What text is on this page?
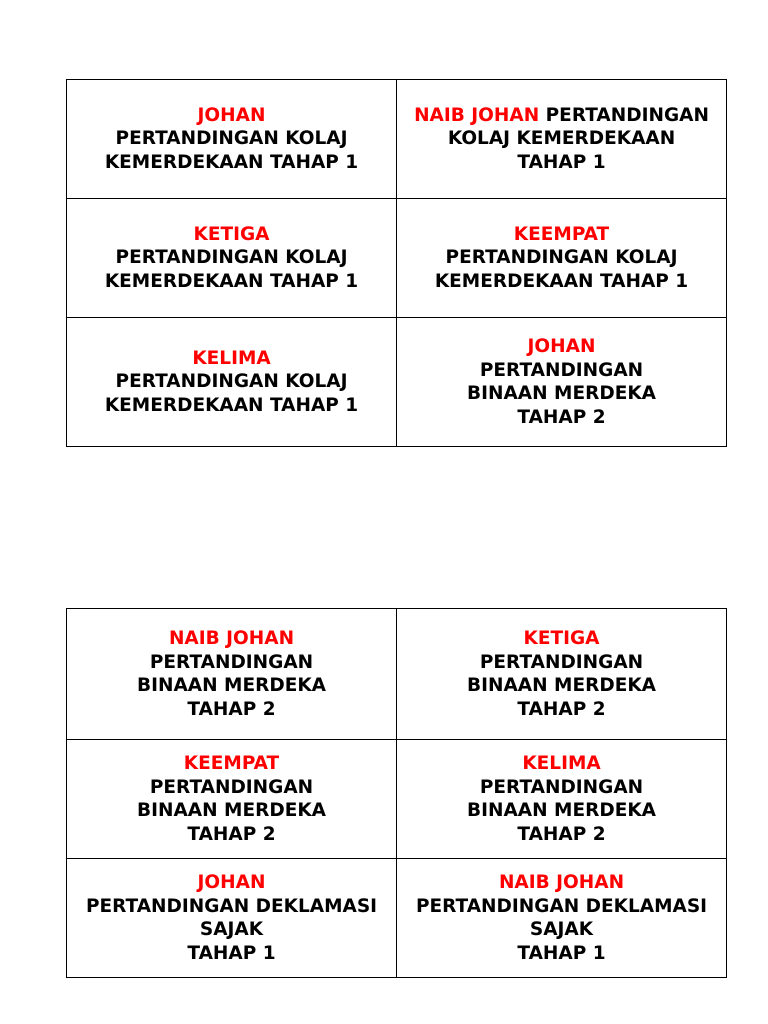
JOHAN
PERTANDINGAN KOLAJ
KEMERDEKAAN TAHAP 1	NAIB JOHAN PERTANDINGAN
KOLAJ KEMERDEKAAN
TAHAP 1

KETIGA
PERTANDINGAN KOLAJ
KEMERDEKAAN TAHAP 1	KEEMPAT
PERTANDINGAN KOLAJ
KEMERDEKAAN TAHAP 1

KELIMA
PERTANDINGAN KOLAJ
KEMERDEKAAN TAHAP 1	JOHAN
PERTANDINGAN
BINAAN MERDEKA
TAHAP 2
NAIB JOHAN
PERTANDINGAN
BINAAN MERDEKA
TAHAP 2	KETIGA
PERTANDINGAN
BINAAN MERDEKA
TAHAP 2

KEEMPAT
PERTANDINGAN
BINAAN MERDEKA
TAHAP 2	KELIMA
PERTANDINGAN
BINAAN MERDEKA
TAHAP 2

JOHAN
PERTANDINGAN DEKLAMASI
SAJAK
TAHAP 1	NAIB JOHAN
PERTANDINGAN DEKLAMASI
SAJAK
TAHAP 1
